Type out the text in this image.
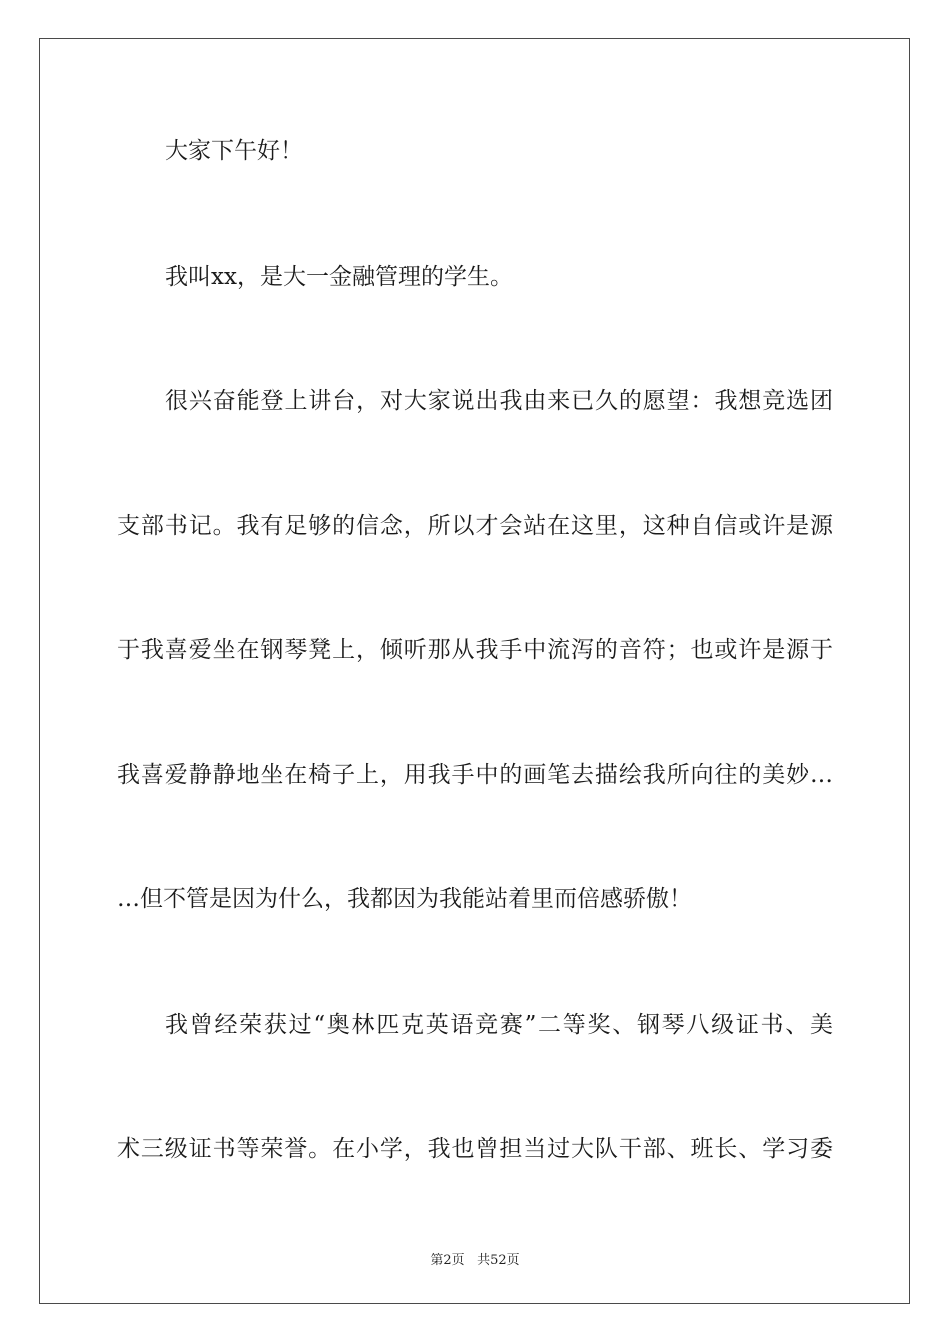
大家下午好！
我叫xx，是大一金融管理的学生。
很兴奋能登上讲台，对大家说出我由来已久的愿望：我想竞选团
支部书记。我有足够的信念，所以才会站在这里，这种自信或许是源
于我喜爱坐在钢琴凳上，倾听那从我手中流泻的音符；也或许是源于
我喜爱静静地坐在椅子上，用我手中的画笔去描绘我所向往的美妙…
…但不管是因为什么，我都因为我能站着里而倍感骄傲！
我曾经荣获过“奥林匹克英语竞赛”二等奖、钢琴八级证书、美
术三级证书等荣誉。在小学，我也曾担当过大队干部、班长、学习委
第2页 共52页
